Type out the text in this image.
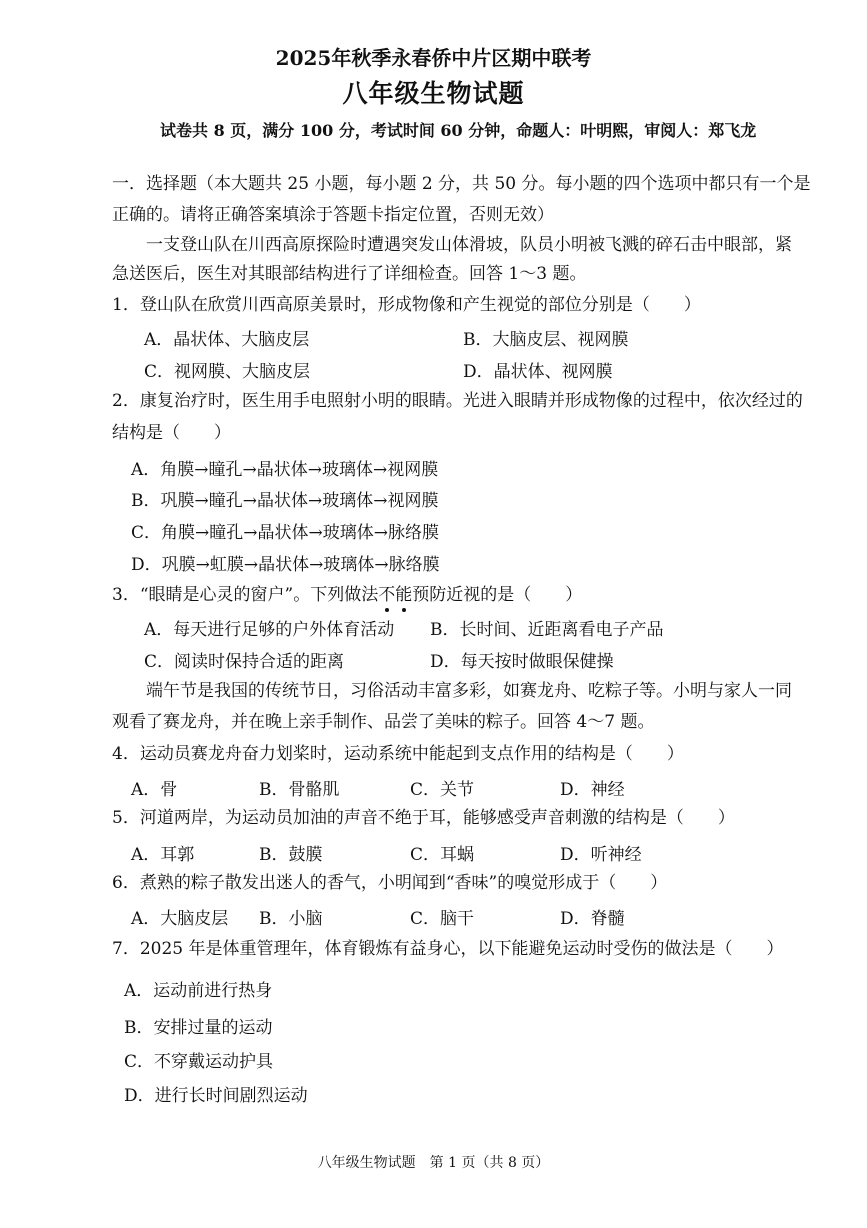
2025年秋季永春侨中片区期中联考
八年级生物试题
试卷共 8 页，满分 100 分，考试时间 60 分钟，命题人：叶明熙，审阅人：郑飞龙
一．选择题（本大题共 25 小题，每小题 2 分，共 50 分。每小题的四个选项中都只有一个是
正确的。请将正确答案填涂于答题卡指定位置，否则无效）
一支登山队在川西高原探险时遭遇突发山体滑坡，队员小明被飞溅的碎石击中眼部，紧
急送医后，医生对其眼部结构进行了详细检查。回答 1～3 题。
1．登山队在欣赏川西高原美景时，形成物像和产生视觉的部位分别是（　　）
A．晶状体、大脑皮层	B．大脑皮层、视网膜
C．视网膜、大脑皮层	D．晶状体、视网膜
2．康复治疗时，医生用手电照射小明的眼睛。光进入眼睛并形成物像的过程中，依次经过的
结构是（　　）
A．角膜→瞳孔→晶状体→玻璃体→视网膜
B．巩膜→瞳孔→晶状体→玻璃体→视网膜
C．角膜→瞳孔→晶状体→玻璃体→脉络膜
D．巩膜→虹膜→晶状体→玻璃体→脉络膜
3．“眼睛是心灵的窗户”。下列做法不能预防近视的是（　　）
A．每天进行足够的户外体育活动 B．长时间、近距离看电子产品
C．阅读时保持合适的距离	D．每天按时做眼保健操
端午节是我国的传统节日，习俗活动丰富多彩，如赛龙舟、吃粽子等。小明与家人一同
观看了赛龙舟，并在晚上亲手制作、品尝了美味的粽子。回答 4～7 题。
4．运动员赛龙舟奋力划桨时，运动系统中能起到支点作用的结构是（　　）
A．骨	B．骨骼肌	C．关节	D．神经
5．河道两岸，为运动员加油的声音不绝于耳，能够感受声音刺激的结构是（　　）
A．耳郭	B．鼓膜	C．耳蜗	D．听神经
6．煮熟的粽子散发出迷人的香气，小明闻到“香味”的嗅觉形成于（　　）
A．大脑皮层 B．小脑	C．脑干	D．脊髓
7．2025 年是体重管理年，体育锻炼有益身心，以下能避免运动时受伤的做法是（　　）
A．运动前进行热身
B．安排过量的运动
C．不穿戴运动护具
D．进行长时间剧烈运动
八年级生物试题　第 1 页（共 8 页）
